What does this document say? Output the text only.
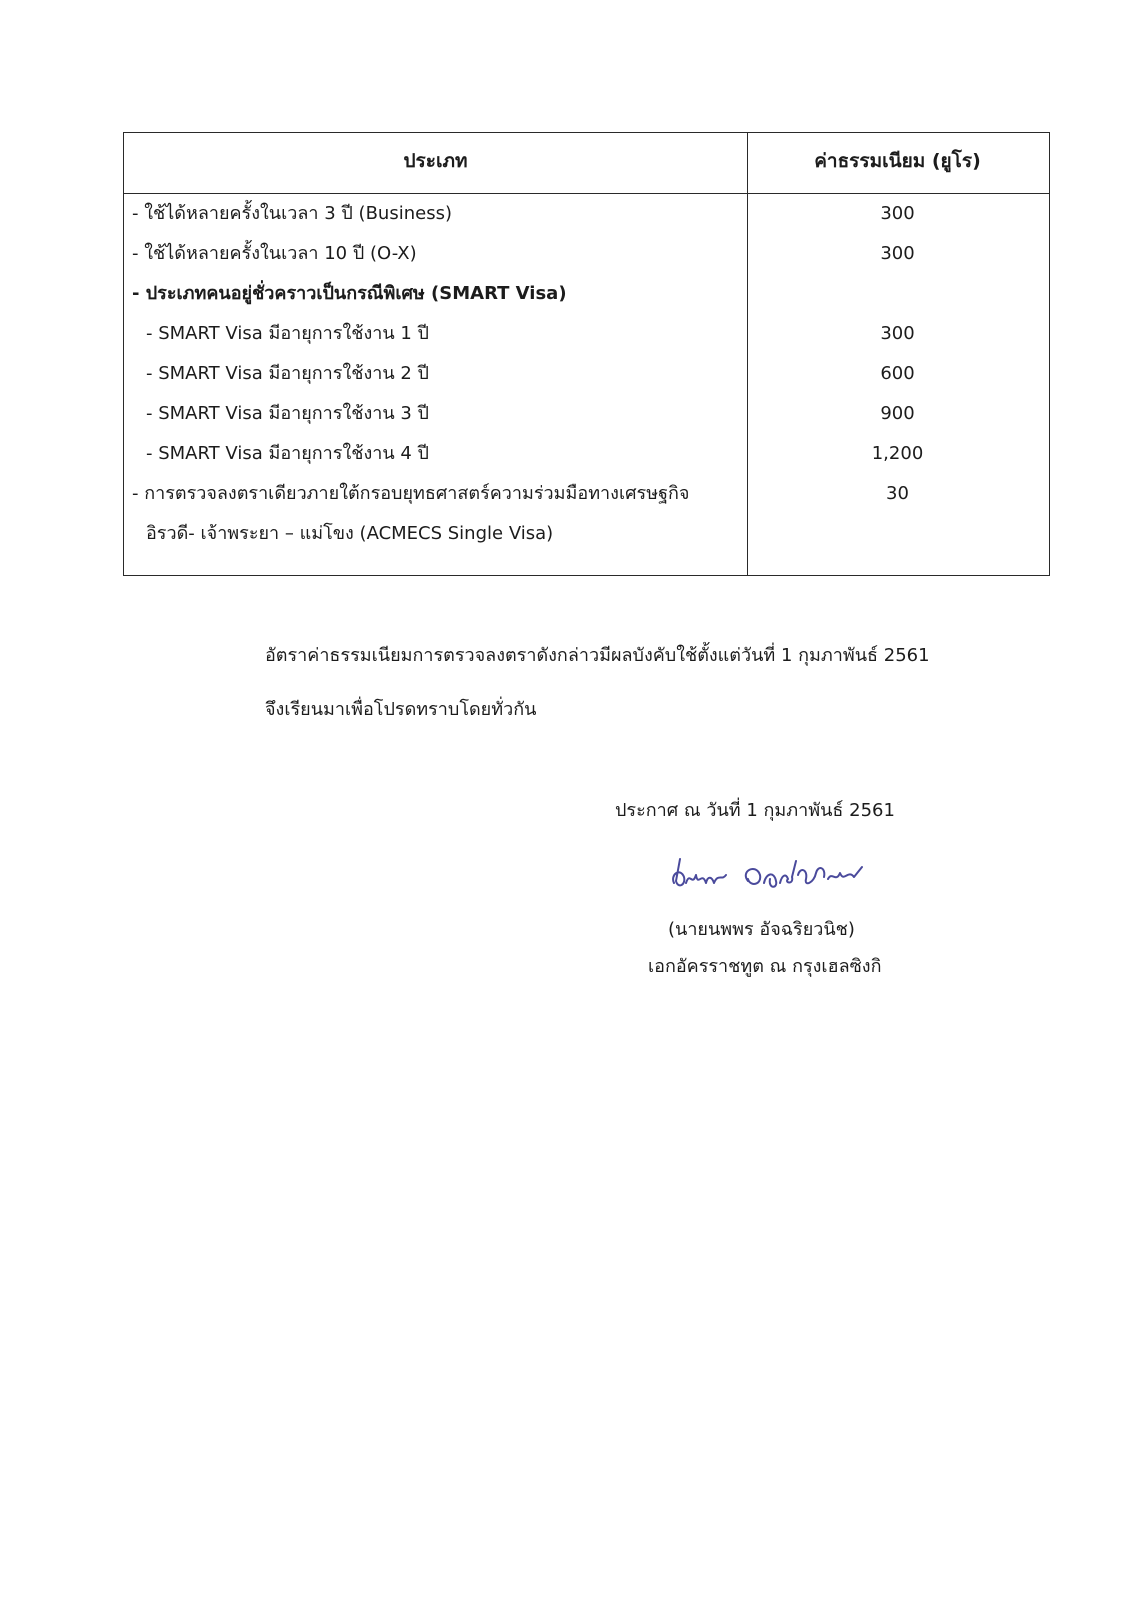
ประเภท	ค่าธรรมเนียม (ยูโร)
- ใช้ได้หลายครั้งในเวลา 3 ปี (Business)	300
- ใช้ได้หลายครั้งในเวลา 10 ปี (O-X)	300
- ประเภทคนอยู่ชั่วคราวเป็นกรณีพิเศษ (SMART Visa)
- SMART Visa มีอายุการใช้งาน 1 ปี	300
- SMART Visa มีอายุการใช้งาน 2 ปี	600
- SMART Visa มีอายุการใช้งาน 3 ปี	900
- SMART Visa มีอายุการใช้งาน 4 ปี	1,200
- การตรวจลงตราเดียวภายใต้กรอบยุทธศาสตร์ความร่วมมือทางเศรษฐกิจ	30
อิรวดี- เจ้าพระยา – แม่โขง (ACMECS Single Visa)
อัตราค่าธรรมเนียมการตรวจลงตราดังกล่าวมีผลบังคับใช้ตั้งแต่วันที่ 1 กุมภาพันธ์ 2561
จึงเรียนมาเพื่อโปรดทราบโดยทั่วกัน
ประกาศ ณ วันที่ 1 กุมภาพันธ์ 2561
(นายนพพร อัจฉริยวนิช)
เอกอัครราชทูต ณ กรุงเฮลซิงกิ
